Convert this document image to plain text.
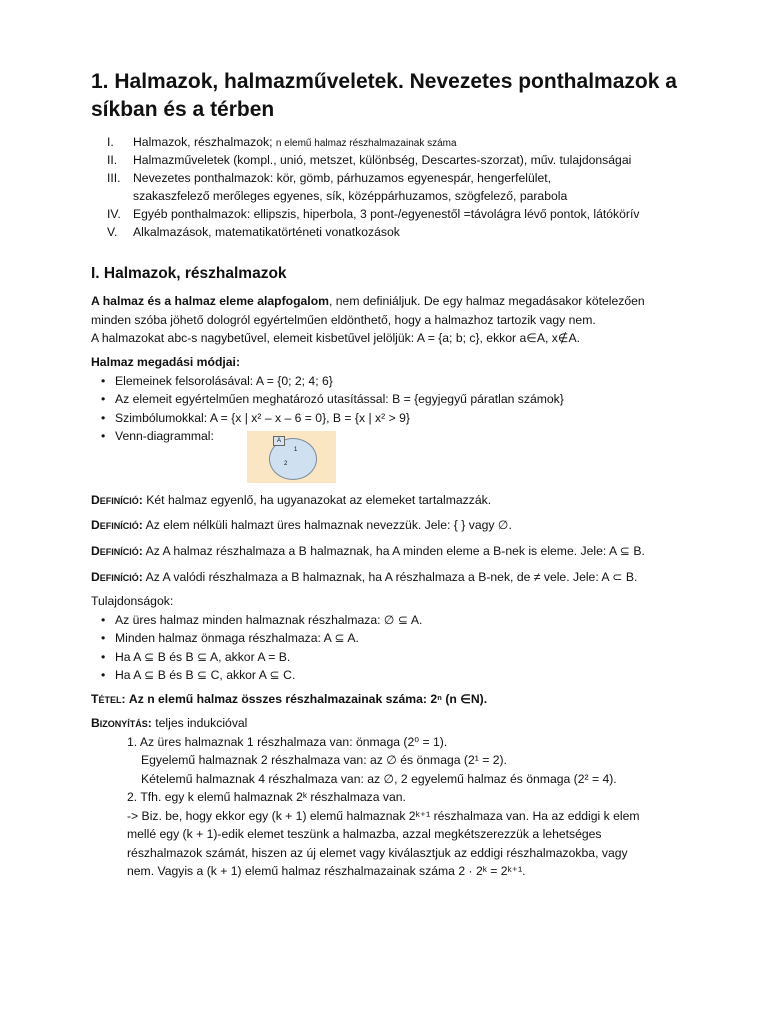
1. Halmazok, halmazműveletek. Nevezetes ponthalmazok a síkban és a térben
I.	Halmazok, részhalmazok; n elemű halmaz részhalmazainak száma
II.	Halmazműveletek (kompl., unió, metszet, különbség, Descartes-szorzat), műv. tulajdonságai
III.	Nevezetes ponthalmazok: kör, gömb, párhuzamos egyenespár, hengerfelület,
szakaszfelező merőleges egyenes, sík, középpárhuzamos, szögfelező, parabola
IV.	Egyéb ponthalmazok: ellipszis, hiperbola, 3 pont-/egyenestől =távolágra lévő pontok, látókörív
V.	Alkalmazások, matematikatörténeti vonatkozások
I. Halmazok, részhalmazok

A halmaz és a halmaz eleme alapfogalom, nem definiáljuk. De egy halmaz megadásakor kötelezően

minden szóba jöhető dologról egyértelműen eldönthető, hogy a halmazhoz tartozik vagy nem.

A halmazokat abc-s nagybetűvel, elemeit kisbetűvel jelöljük: A = {a; b; c}, ekkor a∈A, x∉A.

Halmaz megadási módjai:

• Elemeinek felsorolásával: A = {0; 2; 4; 6}
• Az elemeit egyértelműen meghatározó utasítással: B = {egyjegyű páratlan számok}
• Szimbólumokkal: A = {x | x² – x – 6 = 0}, B = {x | x² > 9}
• Venn-diagrammal:	A
1
2
Definíció: Két halmaz egyenlő, ha ugyanazokat az elemeket tartalmazzák.
Definíció: Az elem nélküli halmazt üres halmaznak nevezzük. Jele: { } vagy ∅.
Definíció: Az A halmaz részhalmaza a B halmaznak, ha A minden eleme a B-nek is eleme. Jele: A ⊆ B.
Definíció: Az A valódi részhalmaza a B halmaznak, ha A részhalmaza a B-nek, de ≠ vele. Jele: A ⊂ B.

Tulajdonságok:

• Az üres halmaz minden halmaznak részhalmaza: ∅ ⊆ A.
• Minden halmaz önmaga részhalmaza: A ⊆ A.
• Ha A ⊆ B és B ⊆ A, akkor A = B.
• Ha A ⊆ B és B ⊆ C, akkor A ⊆ C.
Tétel: Az n elemű halmaz összes részhalmazainak száma: 2ⁿ (n ∈N).

Bizonyítás: teljes indukcióval

1. Az üres halmaznak 1 részhalmaza van: önmaga (2⁰ = 1).

Egyelemű halmaznak 2 részhalmaza van: az ∅ és önmaga (2¹ = 2).

Kételemű halmaznak 4 részhalmaza van: az ∅, 2 egyelemű halmaz és önmaga (2² = 4).

2. Tfh. egy k elemű halmaznak 2ᵏ részhalmaza van.

-> Biz. be, hogy ekkor egy (k + 1) elemű halmaznak 2ᵏ⁺¹ részhalmaza van. Ha az eddigi k elem

mellé egy (k + 1)-edik elemet teszünk a halmazba, azzal megkétszerezzük a lehetséges

részhalmazok számát, hiszen az új elemet vagy kiválasztjuk az eddigi részhalmazokba, vagy

nem. Vagyis a (k + 1) elemű halmaz részhalmazainak száma 2 · 2ᵏ = 2ᵏ⁺¹.
